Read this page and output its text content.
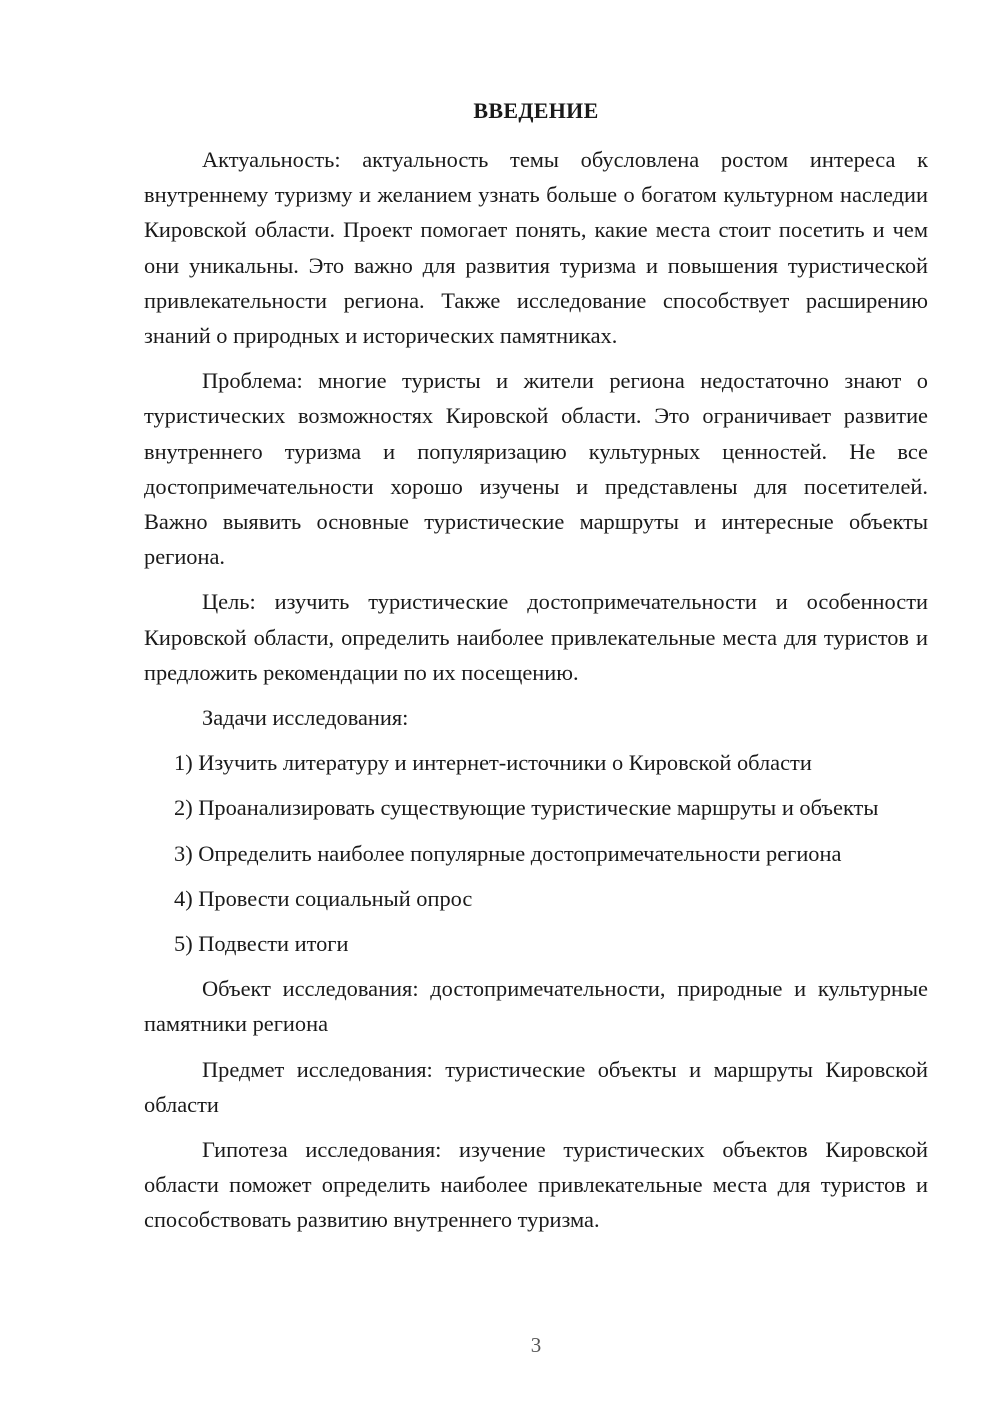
ВВЕДЕНИЕ

Актуальность: актуальность темы обусловлена ростом интереса к внутреннему туризму и желанием узнать больше о богатом культурном наследии Кировской области. Проект помогает понять, какие места стоит посетить и чем они уникальны. Это важно для развития туризма и повышения туристической привлекательности региона. Также исследование способствует расширению знаний о природных и исторических памятниках.

Проблема: многие туристы и жители региона недостаточно знают о туристических возможностях Кировской области. Это ограничивает развитие внутреннего туризма и популяризацию культурных ценностей. Не все достопримечательности хорошо изучены и представлены для посетителей. Важно выявить основные туристические маршруты и интересные объекты региона.

Цель: изучить туристические достопримечательности и особенности Кировской области, определить наиболее привлекательные места для туристов и предложить рекомендации по их посещению.

Задачи исследования:

1) Изучить литературу и интернет-источники о Кировской области

2) Проанализировать существующие туристические маршруты и объекты

3) Определить наиболее популярные достопримечательности региона

4) Провести социальный опрос

5) Подвести итоги

Объект исследования: достопримечательности, природные и культурные памятники региона

Предмет исследования: туристические объекты и маршруты Кировской области

Гипотеза исследования: изучение туристических объектов Кировской области поможет определить наиболее привлекательные места для туристов и способствовать развитию внутреннего туризма.

3
